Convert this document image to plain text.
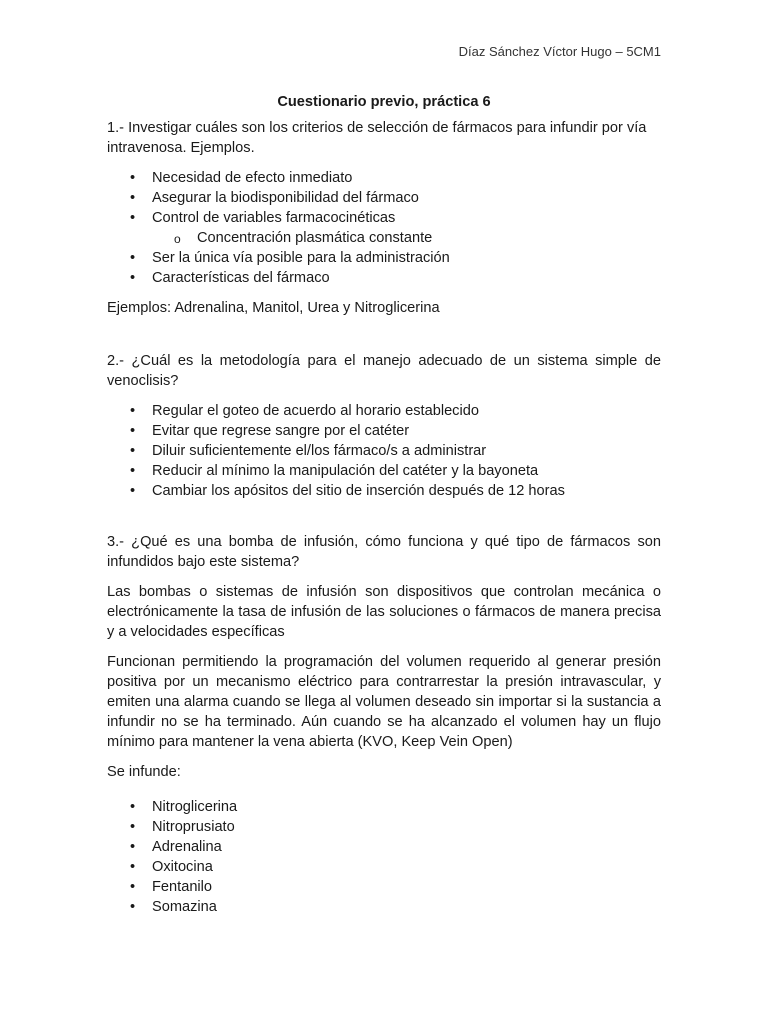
Díaz Sánchez Víctor Hugo – 5CM1

Cuestionario previo, práctica 6

1.- Investigar cuáles son los criterios de selección de fármacos para infundir por vía intravenosa. Ejemplos.

• Necesidad de efecto inmediato
• Asegurar la biodisponibilidad del fármaco
• Control de variables farmacocinéticas
o Concentración plasmática constante
• Ser la única vía posible para la administración
• Características del fármaco

Ejemplos: Adrenalina, Manitol, Urea y Nitroglicerina

2.- ¿Cuál es la metodología para el manejo adecuado de un sistema simple de venoclisis?

• Regular el goteo de acuerdo al horario establecido
• Evitar que regrese sangre por el catéter
• Diluir suficientemente el/los fármaco/s a administrar
• Reducir al mínimo la manipulación del catéter y la bayoneta
• Cambiar los apósitos del sitio de inserción después de 12 horas

3.- ¿Qué es una bomba de infusión, cómo funciona y qué tipo de fármacos son infundidos bajo este sistema?

Las bombas o sistemas de infusión son dispositivos que controlan mecánica o electrónicamente la tasa de infusión de las soluciones o fármacos de manera precisa y a velocidades específicas

Funcionan permitiendo la programación del volumen requerido al generar presión positiva por un mecanismo eléctrico para contrarrestar la presión intravascular, y emiten una alarma cuando se llega al volumen deseado sin importar si la sustancia a infundir no se ha terminado. Aún cuando se ha alcanzado el volumen hay un flujo mínimo para mantener la vena abierta (KVO, Keep Vein Open)

Se infunde:

• Nitroglicerina
• Nitroprusiato
• Adrenalina
• Oxitocina
• Fentanilo
• Somazina
